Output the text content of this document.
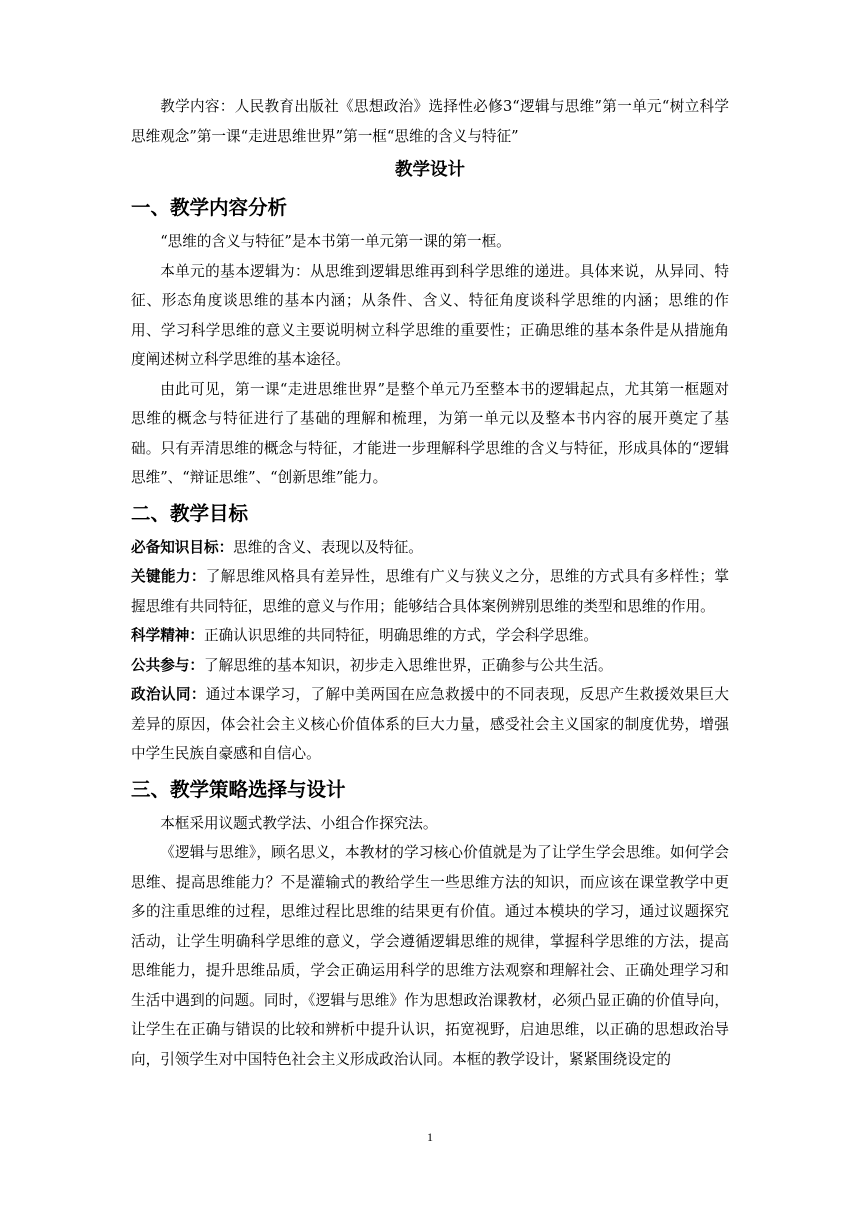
教学内容：人民教育出版社《思想政治》选择性必修3“逻辑与思维”第一单元“树立科学思维观念”第一课“走进思维世界”第一框“思维的含义与特征”

教学设计
一、教学内容分析

“思维的含义与特征”是本书第一单元第一课的第一框。

本单元的基本逻辑为：从思维到逻辑思维再到科学思维的递进。具体来说，从异同、特征、形态角度谈思维的基本内涵；从条件、含义、特征角度谈科学思维的内涵；思维的作用、学习科学思维的意义主要说明树立科学思维的重要性；正确思维的基本条件是从措施角度阐述树立科学思维的基本途径。

由此可见，第一课“走进思维世界”是整个单元乃至整本书的逻辑起点，尤其第一框题对思维的概念与特征进行了基础的理解和梳理，为第一单元以及整本书内容的展开奠定了基础。只有弄清思维的概念与特征，才能进一步理解科学思维的含义与特征，形成具体的“逻辑思维”、“辩证思维”、“创新思维”能力。

二、教学目标

必备知识目标：思维的含义、表现以及特征。

关键能力：了解思维风格具有差异性，思维有广义与狭义之分，思维的方式具有多样性；掌握思维有共同特征，思维的意义与作用；能够结合具体案例辨别思维的类型和思维的作用。

科学精神：正确认识思维的共同特征，明确思维的方式，学会科学思维。

公共参与：了解思维的基本知识，初步走入思维世界，正确参与公共生活。

政治认同：通过本课学习，了解中美两国在应急救援中的不同表现，反思产生救援效果巨大差异的原因，体会社会主义核心价值体系的巨大力量，感受社会主义国家的制度优势，增强中学生民族自豪感和自信心。

三、教学策略选择与设计

本框采用议题式教学法、小组合作探究法。

《逻辑与思维》，顾名思义，本教材的学习核心价值就是为了让学生学会思维。如何学会思维、提高思维能力？不是灌输式的教给学生一些思维方法的知识，而应该在课堂教学中更多的注重思维的过程，思维过程比思维的结果更有价值。通过本模块的学习，通过议题探究活动，让学生明确科学思维的意义，学会遵循逻辑思维的规律，掌握科学思维的方法，提高思维能力，提升思维品质，学会正确运用科学的思维方法观察和理解社会、正确处理学习和生活中遇到的问题。同时，《逻辑与思维》作为思想政治课教材，必须凸显正确的价值导向，让学生在正确与错误的比较和辨析中提升认识，拓宽视野，启迪思维，以正确的思想政治导向，引领学生对中国特色社会主义形成政治认同。本框的教学设计，紧紧围绕设定的

1
